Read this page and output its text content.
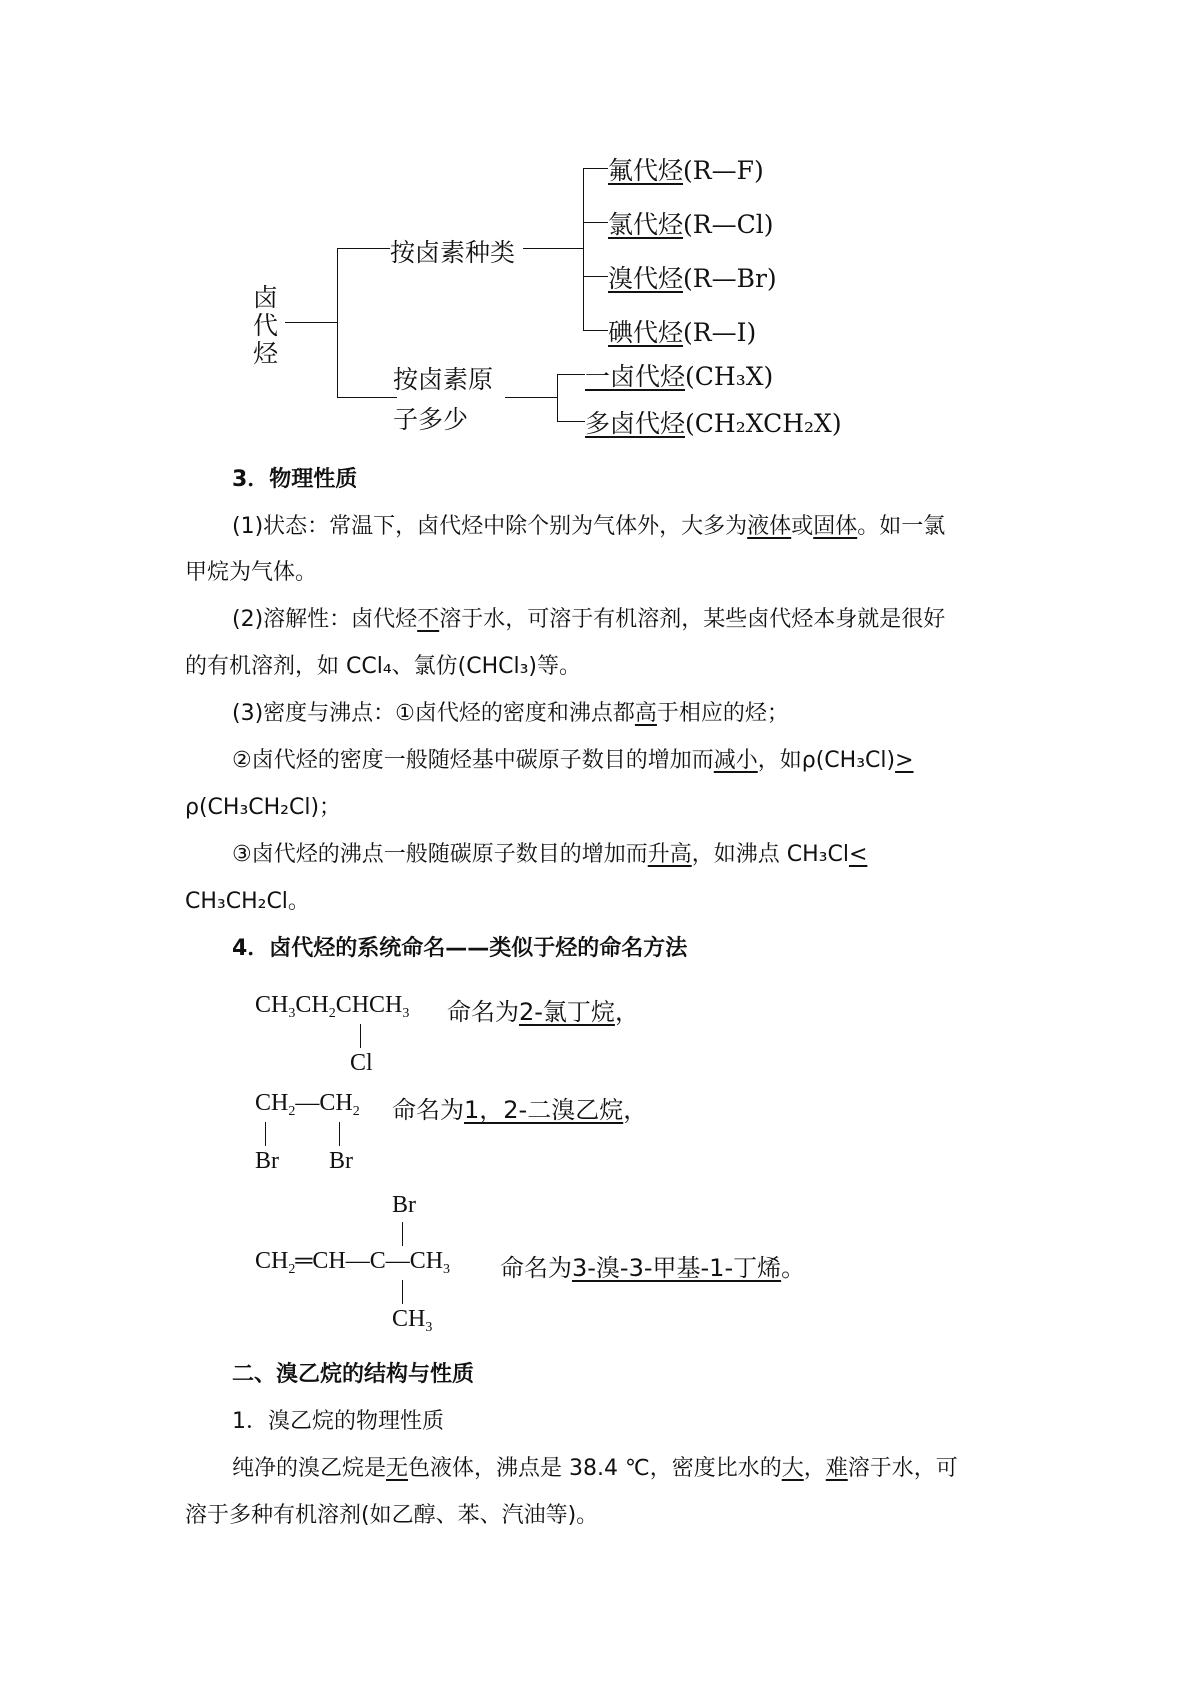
卤
代
烃
按卤素种类
按卤素原
子多少
氟代烃(R—F)
氯代烃(R—Cl)
溴代烃(R—Br)
碘代烃(R—I)
一卤代烃(CH₃X)
多卤代烃(CH₂XCH₂X)
3．物理性质
(1)状态：常温下，卤代烃中除个别为气体外，大多为液体或固体。如一氯
甲烷为气体。
(2)溶解性：卤代烃不溶于水，可溶于有机溶剂，某些卤代烃本身就是很好
的有机溶剂，如 CCl₄、氯仿(CHCl₃)等。
(3)密度与沸点：①卤代烃的密度和沸点都高于相应的烃；
②卤代烃的密度一般随烃基中碳原子数目的增加而减小，如ρ(CH₃Cl)>
ρ(CH₃CH₂Cl)；
③卤代烃的沸点一般随碳原子数目的增加而升高，如沸点 CH₃Cl<
CH₃CH₂Cl。
4．卤代烃的系统命名——类似于烃的命名方法
$CH_3CH_2CHCH_3$
Cl
命名为2-氯丁烷，
$CH_2—CH_2$
Br Br
命名为1，2-二溴乙烷，
Br
$CH_2═CH—C—CH_3$
$CH_3$
命名为3-溴-3-甲基-1-丁烯。
二、溴乙烷的结构与性质
1．溴乙烷的物理性质
纯净的溴乙烷是无色液体，沸点是 38.4 ℃，密度比水的大，难溶于水，可
溶于多种有机溶剂(如乙醇、苯、汽油等)。
